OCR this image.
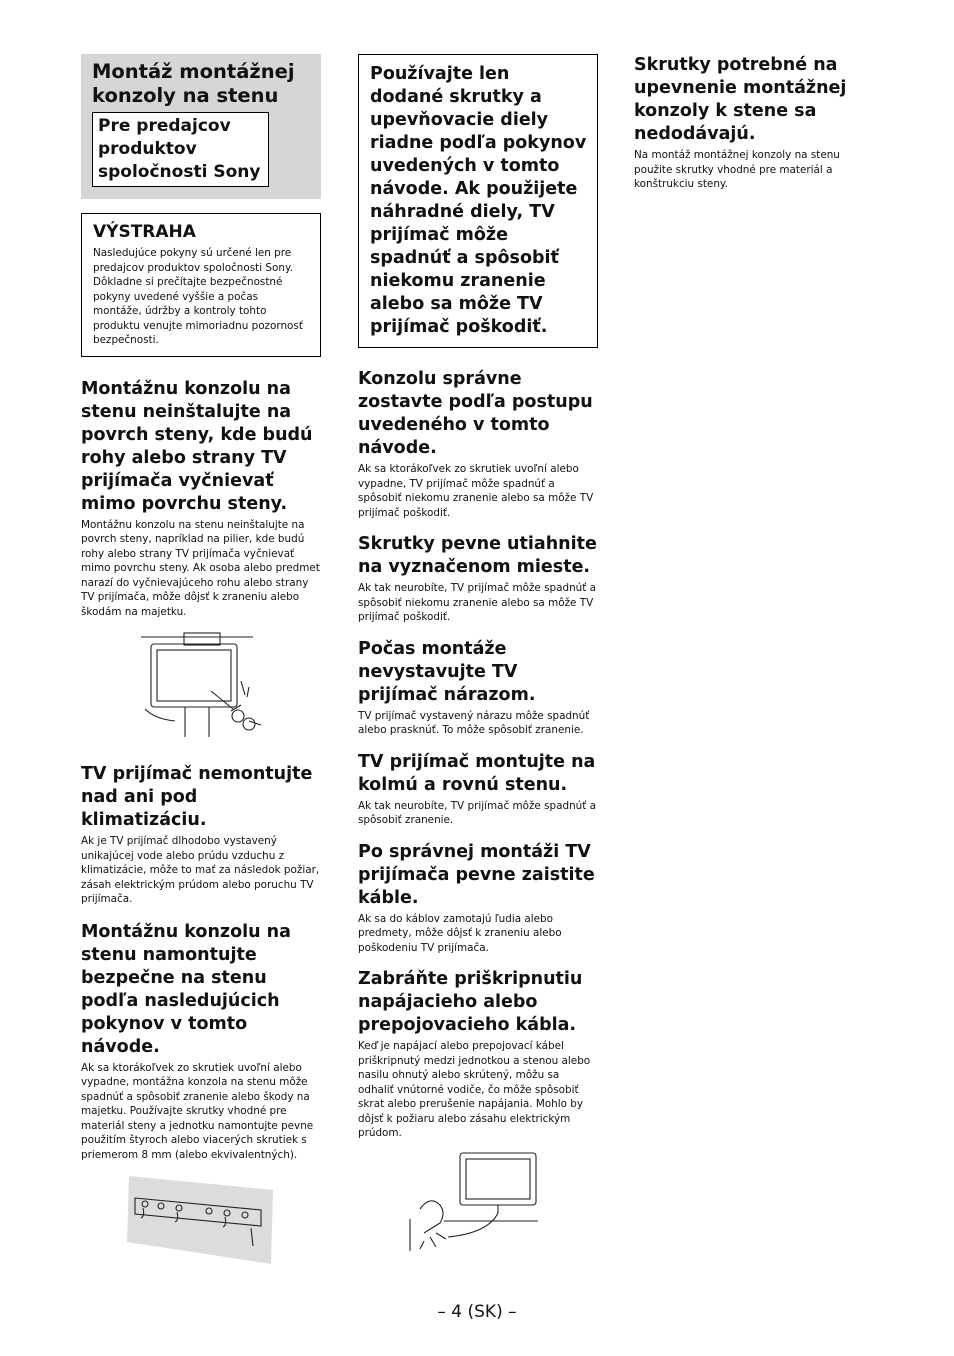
Montáž montážnej konzoly na stenu

Pre predajcov produktov spoločnosti Sony

VÝSTRAHA

Nasledujúce pokyny sú určené len pre predajcov produktov spoločnosti Sony. Dôkladne si prečítajte bezpečnostné pokyny uvedené vyššie a počas montáže, údržby a kontroly tohto produktu venujte mimoriadnu pozornosť bezpečnosti.

Montážnu konzolu na stenu neinštalujte na povrch steny, kde budú rohy alebo strany TV prijímača vyčnievať mimo povrchu steny.

Montážnu konzolu na stenu neinštalujte na povrch steny, napríklad na pilier, kde budú rohy alebo strany TV prijímača vyčnievať mimo povrchu steny. Ak osoba alebo predmet narazí do vyčnievajúceho rohu alebo strany TV prijímača, môže dôjsť k zraneniu alebo škodám na majetku.

TV prijímač nemontujte nad ani pod klimatizáciu.

Ak je TV prijímač dlhodobo vystavený unikajúcej vode alebo prúdu vzduchu z klimatizácie, môže to mať za následok požiar, zásah elektrickým prúdom alebo poruchu TV prijímača.

Montážnu konzolu na stenu namontujte bezpečne na stenu podľa nasledujúcich pokynov v tomto návode.

Ak sa ktorákoľvek zo skrutiek uvoľní alebo vypadne, montážna konzola na stenu môže spadnúť a spôsobiť zranenie alebo škody na majetku. Používajte skrutky vhodné pre materiál steny a jednotku namontujte pevne použitím štyroch alebo viacerých skrutiek s priemerom 8 mm (alebo ekvivalentných).

Používajte len dodané skrutky a upevňovacie diely riadne podľa pokynov uvedených v tomto návode. Ak použijete náhradné diely, TV prijímač môže spadnúť a spôsobiť niekomu zranenie alebo sa môže TV prijímač poškodiť.

Konzolu správne zostavte podľa postupu uvedeného v tomto návode.

Ak sa ktorákoľvek zo skrutiek uvoľní alebo vypadne, TV prijímač môže spadnúť a spôsobiť niekomu zranenie alebo sa môže TV prijímač poškodiť.

Skrutky pevne utiahnite na vyznačenom mieste.

Ak tak neurobíte, TV prijímač môže spadnúť a spôsobiť niekomu zranenie alebo sa môže TV prijímač poškodiť.

Počas montáže nevystavujte TV prijímač nárazom.

TV prijímač vystavený nárazu môže spadnúť alebo prasknúť. To môže spôsobiť zranenie.

TV prijímač montujte na kolmú a rovnú stenu.

Ak tak neurobíte, TV prijímač môže spadnúť a spôsobiť zranenie.

Po správnej montáži TV prijímača pevne zaistite káble.

Ak sa do káblov zamotajú ľudia alebo predmety, môže dôjsť k zraneniu alebo poškodeniu TV prijímača.

Zabráňte priškripnutiu napájacieho alebo prepojovacieho kábla.

Keď je napájací alebo prepojovací kábel priškripnutý medzi jednotkou a stenou alebo nasilu ohnutý alebo skrútený, môžu sa odhaliť vnútorné vodiče, čo môže spôsobiť skrat alebo prerušenie napájania. Mohlo by dôjsť k požiaru alebo zásahu elektrickým prúdom.

Skrutky potrebné na upevnenie montážnej konzoly k stene sa nedodávajú.

Na montáž montážnej konzoly na stenu použite skrutky vhodné pre materiál a konštrukciu steny.

– 4 (SK) –
